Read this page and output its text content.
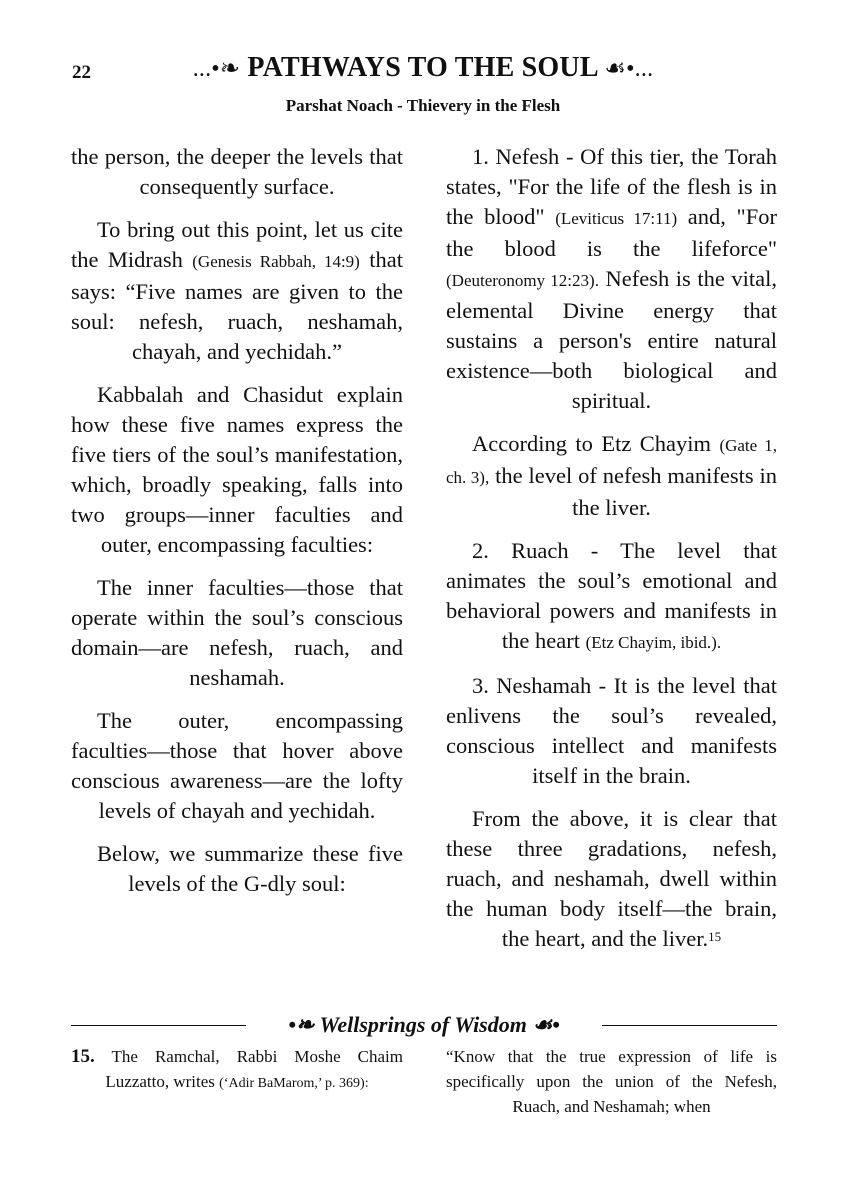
22	...•❧ PATHWAYS TO THE SOUL ☙•...
Parshat Noach - Thievery in the Flesh

the person, the deeper the levels that consequently surface.

To bring out this point, let us cite the Midrash (Genesis Rabbah, 14:9) that says: “Five names are given to the soul: nefesh, ruach, neshamah, chayah, and yechidah.”

Kabbalah and Chasidut explain how these five names express the five tiers of the soul’s manifestation, which, broadly speaking, falls into two groups—inner faculties and outer, encompassing faculties:

The inner faculties—those that operate within the soul’s conscious domain—are nefesh, ruach, and neshamah.

The outer, encompassing faculties—those that hover above conscious awareness—are the lofty levels of chayah and yechidah.

Below, we summarize these five levels of the G-dly soul:

1. Nefesh - Of this tier, the Torah states, "For the life of the flesh is in the blood" (Leviticus 17:11) and, "For the blood is the lifeforce" (Deuteronomy 12:23). Nefesh is the vital, elemental Divine energy that sustains a person's entire natural existence—both biological and spiritual.

According to Etz Chayim (Gate 1, ch. 3), the level of nefesh manifests in the liver.

2. Ruach - The level that animates the soul’s emotional and behavioral powers and manifests in the heart (Etz Chayim, ibid.).

3. Neshamah - It is the level that enlivens the soul’s revealed, conscious intellect and manifests itself in the brain.

From the above, it is clear that these three gradations, nefesh, ruach, and neshamah, dwell within the human body itself—the brain, the heart, and the liver.$^{15}$

•❧ Wellsprings of Wisdom ☙•

15. The Ramchal, Rabbi Moshe Chaim Luzzatto, writes (‘Adir BaMarom,’ p. 369):

“Know that the true expression of life is specifically upon the union of the Nefesh, Ruach, and Neshamah; when
